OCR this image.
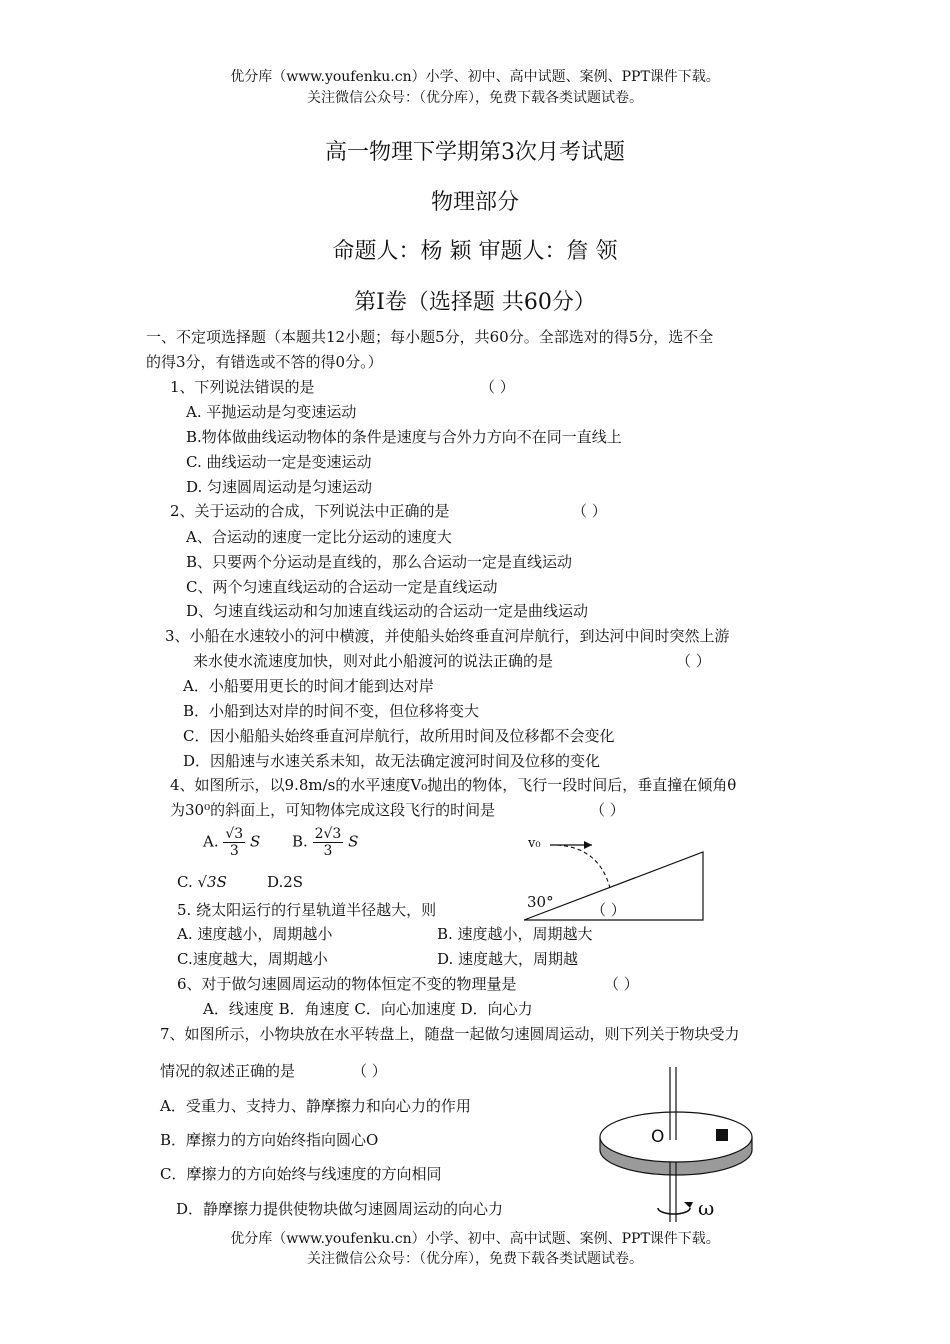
优分库（www.youfenku.cn）小学、初中、高中试题、案例、PPT课件下载。
关注微信公众号：（优分库），免费下载各类试题试卷。
高一物理下学期第3次月考试题
物理部分
命题人：杨 颖 审题人：詹 领
第Ⅰ卷（选择题 共60分）
一、不定项选择题（本题共12小题；每小题5分，共60分。全部选对的得5分，选不全
的得3分，有错选或不答的得0分。）
1、下列说法错误的是	（ ）
A. 平抛运动是匀变速运动
B.物体做曲线运动物体的条件是速度与合外力方向不在同一直线上
C. 曲线运动一定是变速运动
D. 匀速圆周运动是匀速运动
2、关于运动的合成，下列说法中正确的是	（ ）
A、合运动的速度一定比分运动的速度大
B、只要两个分运动是直线的，那么合运动一定是直线运动
C、两个匀速直线运动的合运动一定是直线运动
D、匀速直线运动和匀加速直线运动的合运动一定是曲线运动
3、小船在水速较小的河中横渡，并使船头始终垂直河岸航行，到达河中间时突然上游
来水使水流速度加快，则对此小船渡河的说法正确的是	（ ）
A．小船要用更长的时间才能到达对岸
B．小船到达对岸的时间不变，但位移将变大
C．因小船船头始终垂直河岸航行，故所用时间及位移都不会变化
D．因船速与水速关系未知，故无法确定渡河时间及位移的变化
4、如图所示，以9.8m/s的水平速度V₀抛出的物体，飞行一段时间后，垂直撞在倾角θ
为30⁰的斜面上，可知物体完成这段飞行的时间是	（ ）
A. $\frac{√3}{3}$ S B. $\frac{2√3}{3}$ S
C. √3S	D.2S
v₀
30°
5. 绕太阳运行的行星轨道半径越大，则	（ ）
A. 速度越小，周期越小	B. 速度越小，周期越大
C.速度越大，周期越小	D. 速度越大，周期越
6、对于做匀速圆周运动的物体恒定不变的物理量是	（ ）
A．线速度 B．角速度 C．向心加速度 D．向心力
7、如图所示，小物块放在水平转盘上，随盘一起做匀速圆周运动，则下列关于物块受力
情况的叙述正确的是	（ ）
A．受重力、支持力、静摩擦力和向心力的作用
B．摩擦力的方向始终指向圆心O
C．摩擦力的方向始终与线速度的方向相同
D．静摩擦力提供使物块做匀速圆周运动的向心力
O
ω
优分库（www.youfenku.cn）小学、初中、高中试题、案例、PPT课件下载。
关注微信公众号：（优分库），免费下载各类试题试卷。
